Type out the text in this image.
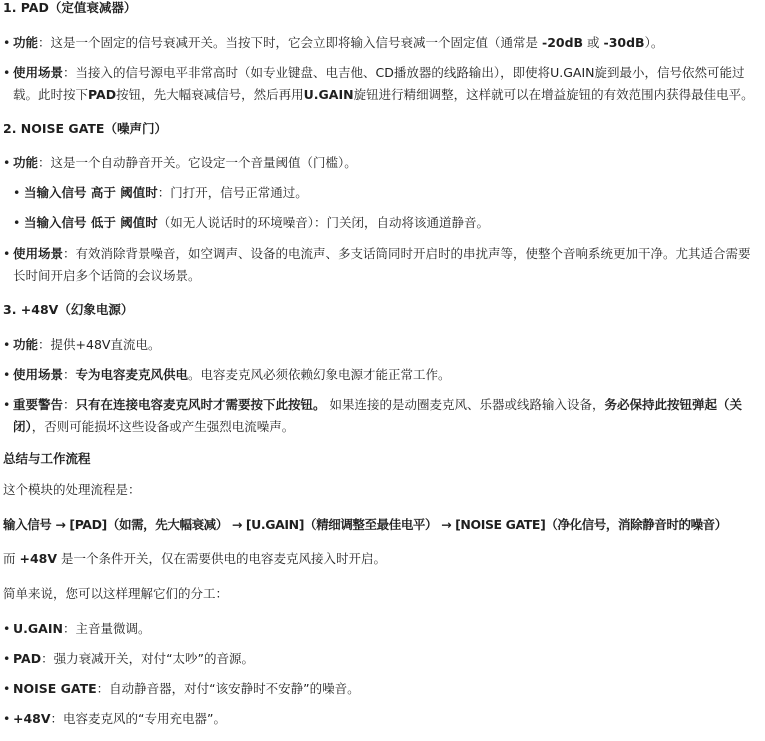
1. PAD（定值衰减器）

• 功能：这是一个固定的信号衰减开关。当按下时，它会立即将输入信号衰减一个固定值（通常是 -20dB 或 -30dB）。

• 使用场景：当接入的信号源电平非常高时（如专业键盘、电吉他、CD播放器的线路输出），即使将U.GAIN旋到最小，信号依然可能过载。此时按下PAD按钮，先大幅衰减信号，然后再用U.GAIN旋钮进行精细调整，这样就可以在增益旋钮的有效范围内获得最佳电平。

2. NOISE GATE（噪声门）

• 功能：这是一个自动静音开关。它设定一个音量阈值（门槛）。

• 当输入信号 高于 阈值时：门打开，信号正常通过。

• 当输入信号 低于 阈值时（如无人说话时的环境噪音）：门关闭，自动将该通道静音。

• 使用场景：有效消除背景噪音，如空调声、设备的电流声、多支话筒同时开启时的串扰声等，使整个音响系统更加干净。尤其适合需要长时间开启多个话筒的会议场景。

3. +48V（幻象电源）

• 功能：提供+48V直流电。

• 使用场景：专为电容麦克风供电。电容麦克风必须依赖幻象电源才能正常工作。

• 重要警告：只有在连接电容麦克风时才需要按下此按钮。 如果连接的是动圈麦克风、乐器或线路输入设备，务必保持此按钮弹起（关闭），否则可能损坏这些设备或产生强烈电流噪声。

总结与工作流程

这个模块的处理流程是：

输入信号 → [PAD]（如需，先大幅衰减） → [U.GAIN]（精细调整至最佳电平） → [NOISE GATE]（净化信号，消除静音时的噪音）

而 +48V 是一个条件开关，仅在需要供电的电容麦克风接入时开启。

简单来说，您可以这样理解它们的分工：

• U.GAIN：主音量微调。

• PAD：强力衰减开关，对付“太吵”的音源。

• NOISE GATE：自动静音器，对付“该安静时不安静”的噪音。

• +48V：电容麦克风的“专用充电器”。
